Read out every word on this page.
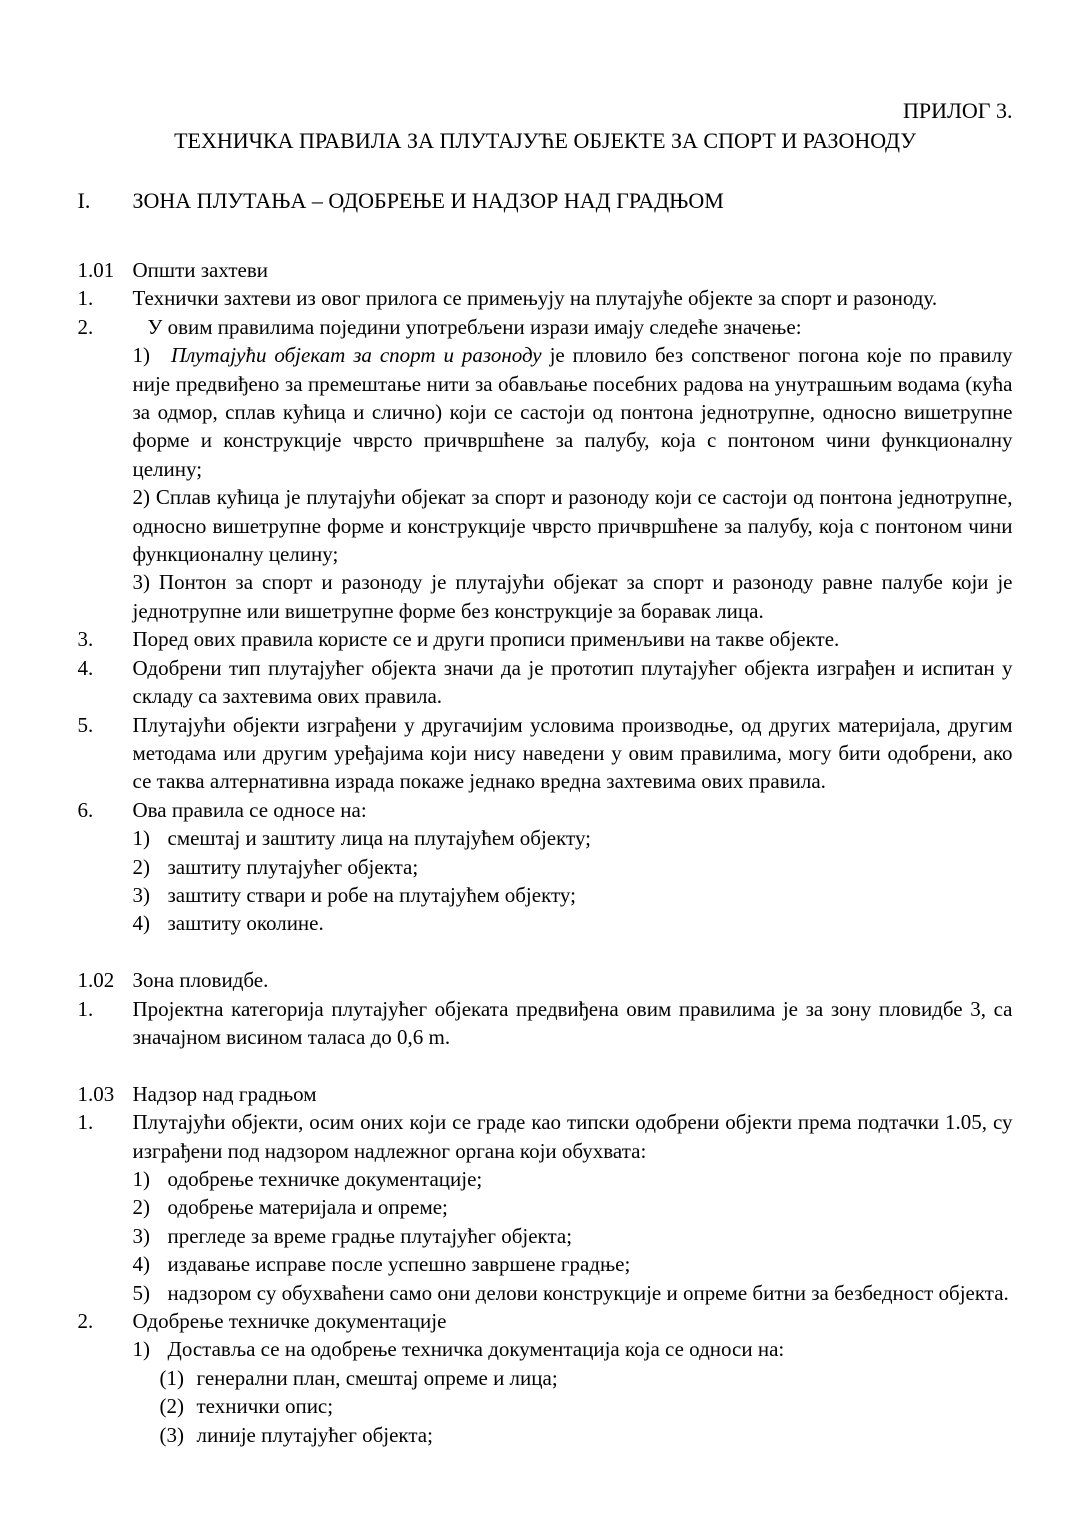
ПРИЛОГ 3.
ТЕХНИЧКА ПРАВИЛА ЗА ПЛУТАЈУЋЕ ОБЈЕКТЕ ЗА СПОРТ И РАЗОНОДУ
I.	ЗОНА ПЛУТАЊА – ОДОБРЕЊЕ И НАДЗОР НАД ГРАДЊОМ
1.01 Општи захтеви
1.	Технички захтеви из овог прилога се примењују на плутајуће објекте за спорт и разоноду.
2.	У овим правилима поједини употребљени изрази имају следеће значење:
1) Плутајући објекат за спорт и разоноду је пловило без сопственог погона које по правилу није предвиђено за премештање нити за обављање посебних радова на унутрашњим водама (кућа за одмор, сплав кућица и слично) који се састоји од понтона једнотрупне, односно вишетрупне форме и конструкције чврсто причвршћене за палубу, која с понтоном чини функционалну целину;
2) Сплав кућица је плутајући објекат за спорт и разоноду који се састоји од понтона једнотрупне, односно вишетрупне форме и конструкције чврсто причвршћене за палубу, која с понтоном чини функционалну целину;
3) Понтон за спорт и разоноду је плутајући објекат за спорт и разоноду равне палубе који је једнотрупне или вишетрупне форме без конструкције за боравак лица.
3.	Поред ових правила користе се и други прописи применљиви на такве објекте.
4.	Одобрени тип плутајућег објекта значи да је прототип плутајућег објекта изграђен и испитан у складу са захтевима ових правила.
5.	Плутајући објекти изграђени у другачијим условима производње, од других материјала, другим методама или другим уређајима који нису наведени у овим правилима, могу бити одобрени, ако се таква алтернативна израда покаже једнако вредна захтевима ових правила.
6.	Ова правила се односе на:
1) смештај и заштиту лица на плутајућем објекту;
2) заштиту плутајућег објекта;
3) заштиту ствари и робе на плутајућем објекту;
4) заштиту околине.
1.02 Зона пловидбе.
1.	Пројектна категорија плутајућег објеката предвиђена овим правилима је за зону пловидбе 3, са значајном висином таласа до 0,6 m.
1.03 Надзор над градњом
1.	Плутајући објекти, осим оних који се граде као типски одобрени објекти према подтачки 1.05, су изграђени под надзором надлежног органа који обухвата:
1) одобрење техничке документације;
2) одобрење материјала и опреме;
3) прегледе за време градње плутајућег објекта;
4) издавање исправе после успешно завршене градње;
5) надзором су обухваћени само они делови конструкције и опреме битни за безбедност објекта.
2.	Одобрење техничке документације
1) Доставља се на одобрење техничка документација која се односи на:
(1) генерални план, смештај опреме и лица;
(2) технички опис;
(3) линије плутајућег објекта;
